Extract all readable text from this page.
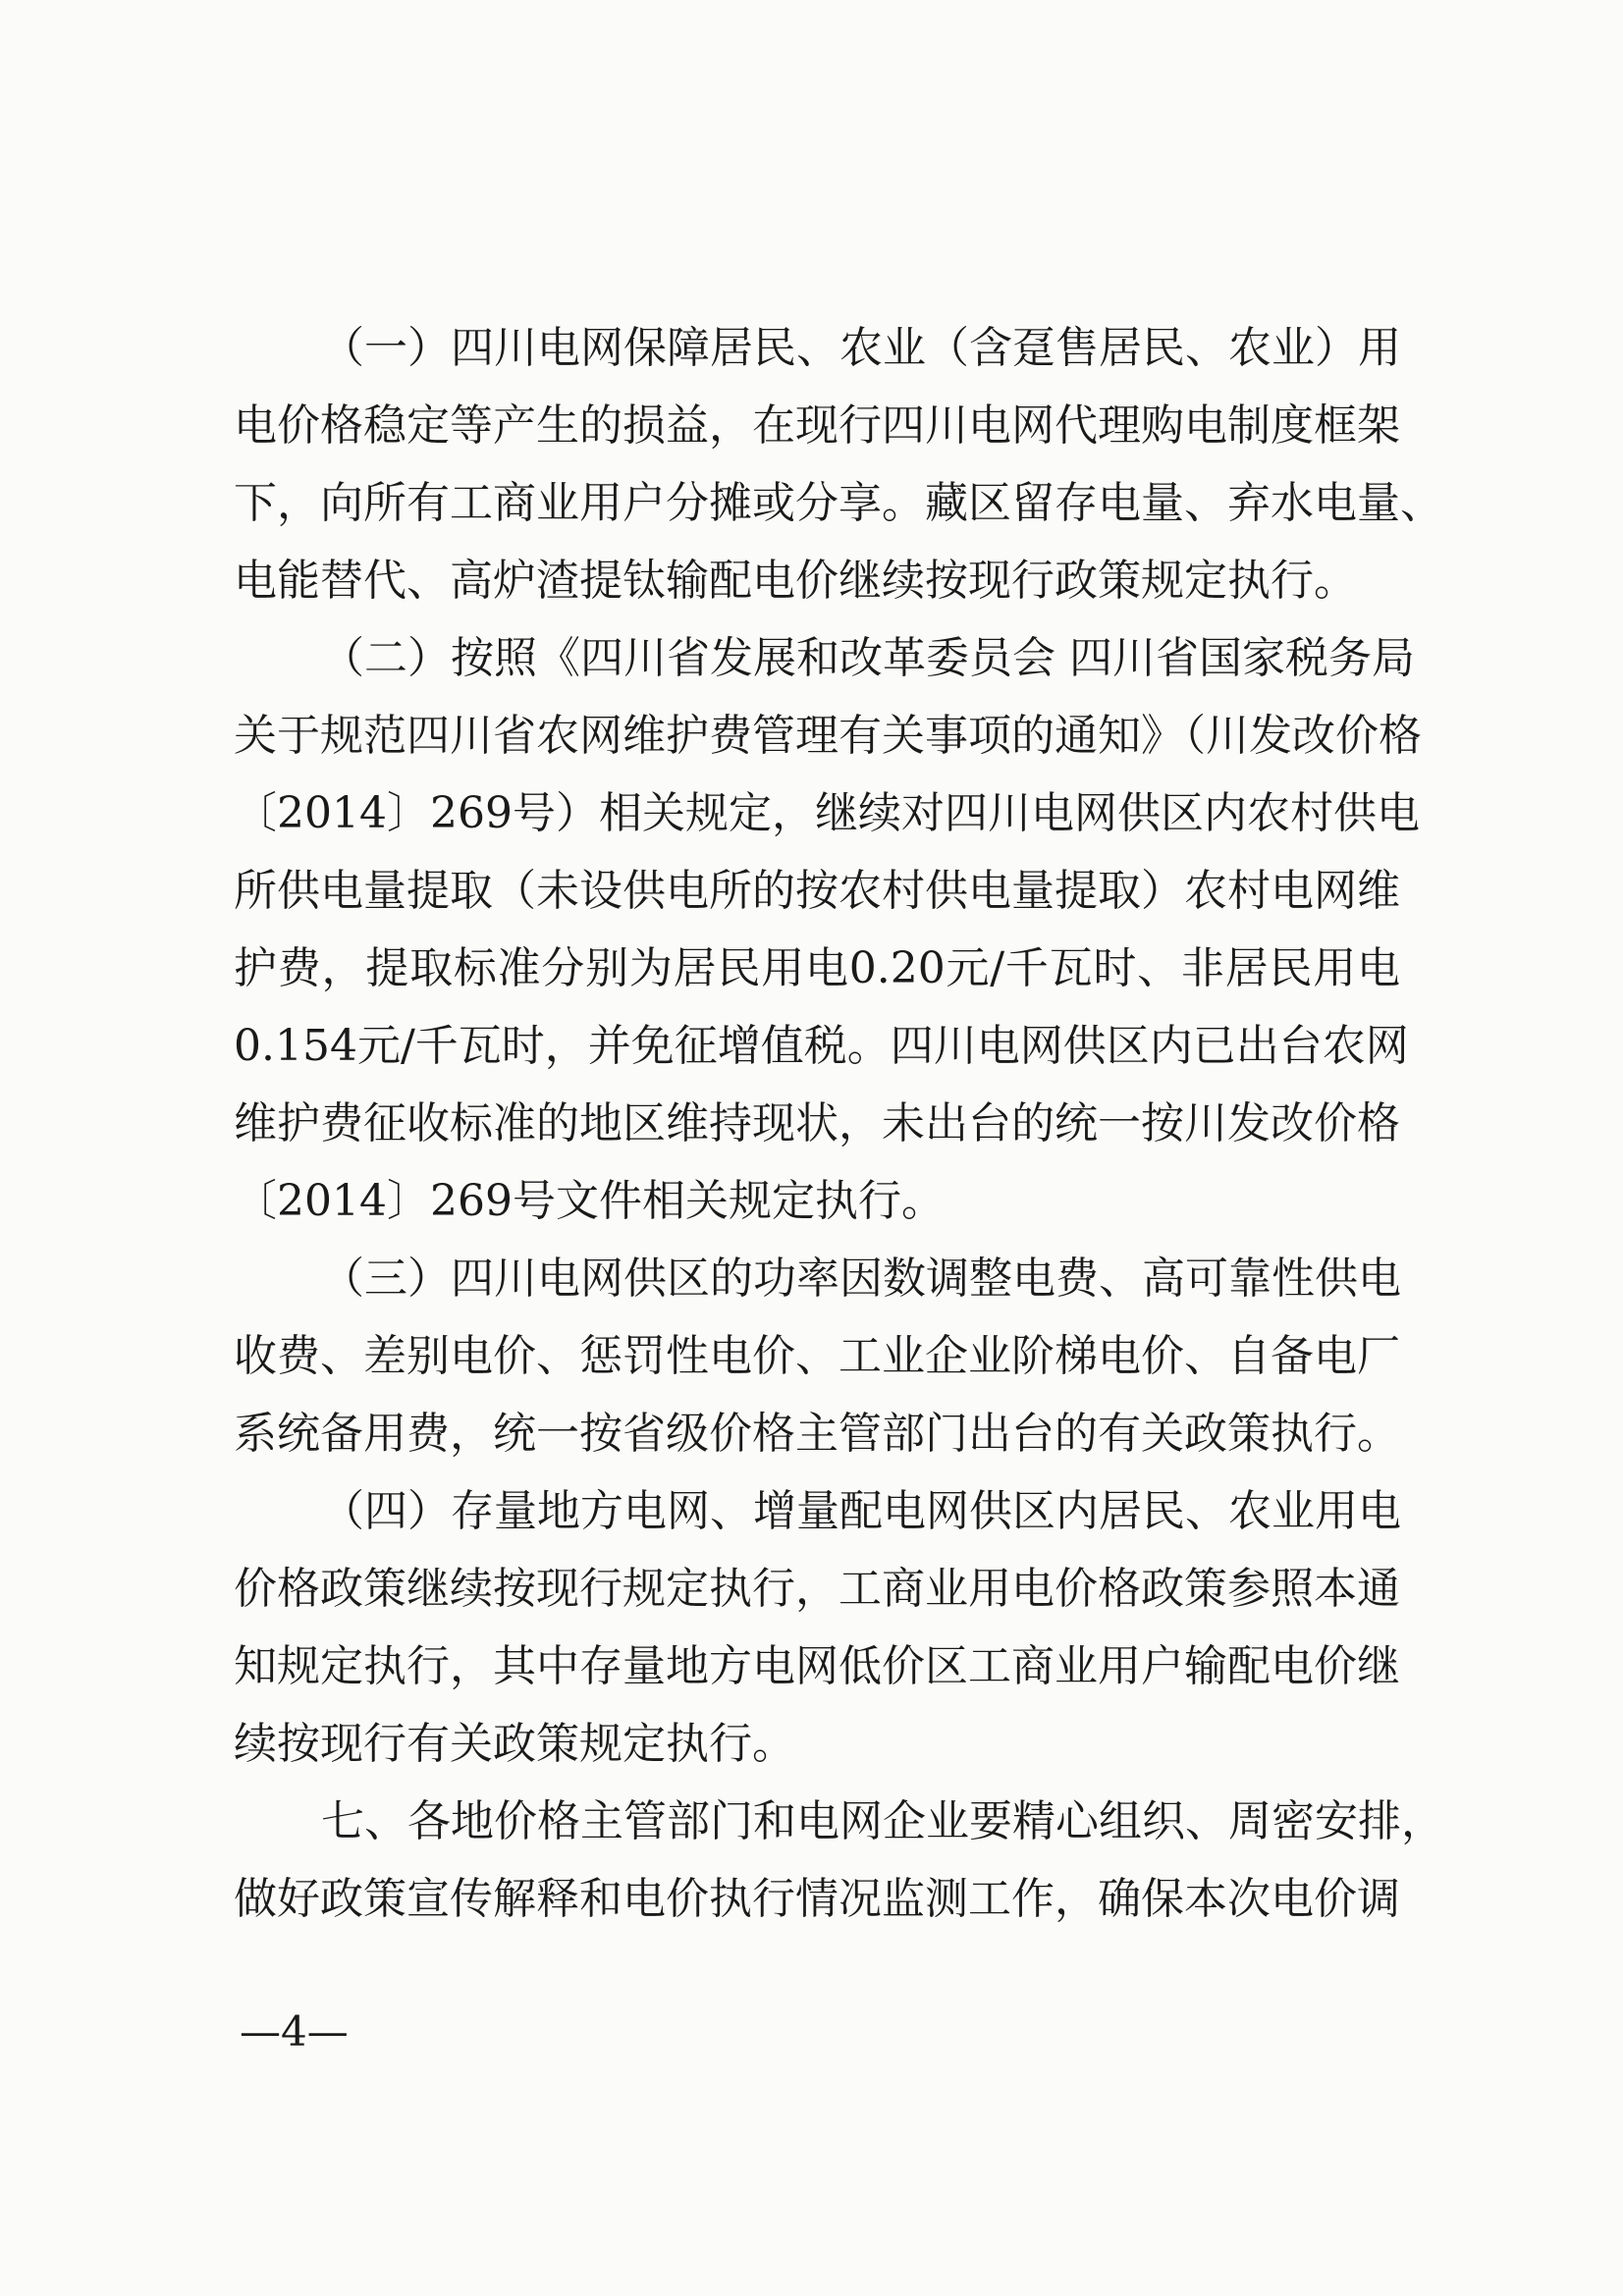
（一）四川电网保障居民、农业（含趸售居民、农业）用
电价格稳定等产生的损益，在现行四川电网代理购电制度框架
下，向所有工商业用户分摊或分享。藏区留存电量、弃水电量、
电能替代、高炉渣提钛输配电价继续按现行政策规定执行。
（二）按照《四川省发展和改革委员会 四川省国家税务局
关于规范四川省农网维护费管理有关事项的通知》（川发改价格
〔2014〕269号）相关规定，继续对四川电网供区内农村供电
所供电量提取（未设供电所的按农村供电量提取）农村电网维
护费，提取标准分别为居民用电0.20元/千瓦时、非居民用电
0.154元/千瓦时，并免征增值税。四川电网供区内已出台农网
维护费征收标准的地区维持现状，未出台的统一按川发改价格
〔2014〕269号文件相关规定执行。
（三）四川电网供区的功率因数调整电费、高可靠性供电
收费、差别电价、惩罚性电价、工业企业阶梯电价、自备电厂
系统备用费，统一按省级价格主管部门出台的有关政策执行。
（四）存量地方电网、增量配电网供区内居民、农业用电
价格政策继续按现行规定执行，工商业用电价格政策参照本通
知规定执行，其中存量地方电网低价区工商业用户输配电价继
续按现行有关政策规定执行。
七、各地价格主管部门和电网企业要精心组织、周密安排，
做好政策宣传解释和电价执行情况监测工作，确保本次电价调
—4—
